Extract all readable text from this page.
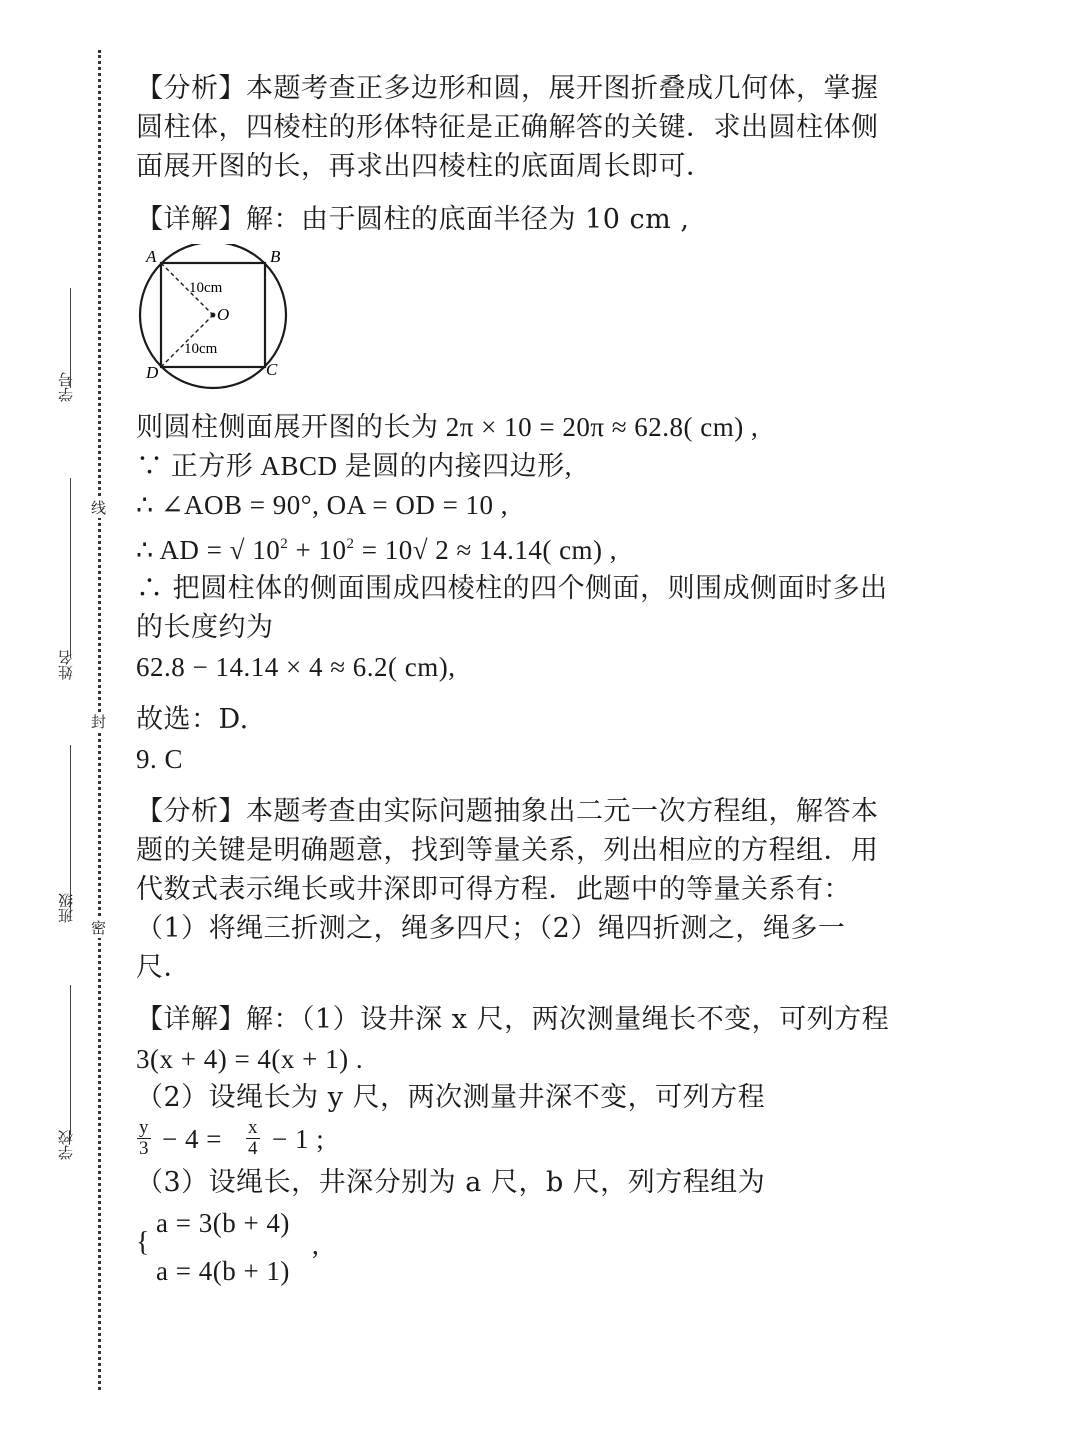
学号
姓名
班级
学校
线
封
密
【分析】本题考查正多边形和圆，展开图折叠成几何体，掌握
圆柱体，四棱柱的形体特征是正确解答的关键．求出圆柱体侧
面展开图的长，再求出四棱柱的底面周长即可．
【详解】解：由于圆柱的底面半径为 10 cm ,
A	B
C
D
O
10cm
10cm
则圆柱侧面展开图的长为 2π × 10 = 20π ≈ 62.8( cm) ,
∵ 正方形 ABCD 是圆的内接四边形,
∴ ∠AOB = 90°, OA = OD = 10 ,
∴ AD = √ $10^2 + 10^2 = 10√$ 2 ≈ 14.14( cm) ,
∴ 把圆柱体的侧面围成四棱柱的四个侧面，则围成侧面时多出
的长度约为
62.8 − 14.14 × 4 ≈ 6.2( cm),
故选：D.
9. C
【分析】本题考查由实际问题抽象出二元一次方程组，解答本
题的关键是明确题意，找到等量关系，列出相应的方程组．用
代数式表示绳长或井深即可得方程．此题中的等量关系有：
（1）将绳三折测之，绳多四尺；（2）绳四折测之，绳多一
尺．
【详解】解：（1）设井深 x 尺，两次测量绳长不变，可列方程
3(x + 4) = 4(x + 1) .
（2）设绳长为 y 尺，两次测量井深不变，可列方程
$\frac{y}{3} - 4 = \frac{x}{4} - 1$ ;
（3）设绳长，井深分别为 a 尺，b 尺，列方程组为
{
a = 3(b + 4)
a = 4(b + 1)
,
